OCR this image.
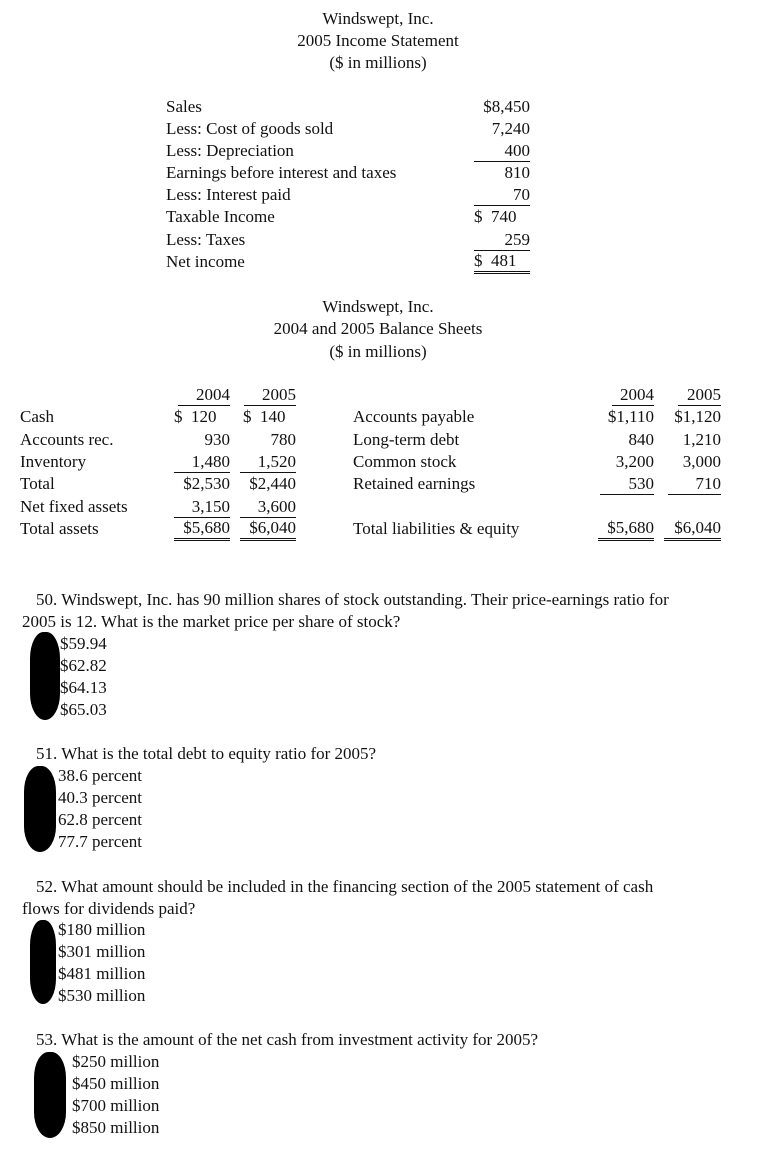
Windswept, Inc.
2005 Income Statement
($ in millions)
Sales	$8,450
Less: Cost of goods sold	7,240
Less: Depreciation	400
Earnings before interest and taxes	810
Less: Interest paid	70
Taxable Income	$  740
Less: Taxes	259
Net income	$  481
Windswept, Inc.
2004 and 2005 Balance Sheets
($ in millions)
2004	2005
Cash	$  120	$  140
Accounts rec.	930	780
Inventory	1,480	1,520
Total	$2,530	$2,440
Net fixed assets	3,150	3,600
Total assets	$5,680	$6,040
2004	2005
Accounts payable	$1,110	$1,120
Long-term debt	840	1,210
Common stock	3,200	3,000
Retained earnings	530	710
Total liabilities & equity	$5,680	$6,040
50. Windswept, Inc. has 90 million shares of stock outstanding. Their price-earnings ratio for
2005 is 12. What is the market price per share of stock?
$59.94
$62.82
$64.13
$65.03
51. What is the total debt to equity ratio for 2005?
38.6 percent
40.3 percent
62.8 percent
77.7 percent
52. What amount should be included in the financing section of the 2005 statement of cash
flows for dividends paid?
$180 million
$301 million
$481 million
$530 million
53. What is the amount of the net cash from investment activity for 2005?
$250 million
$450 million
$700 million
$850 million
